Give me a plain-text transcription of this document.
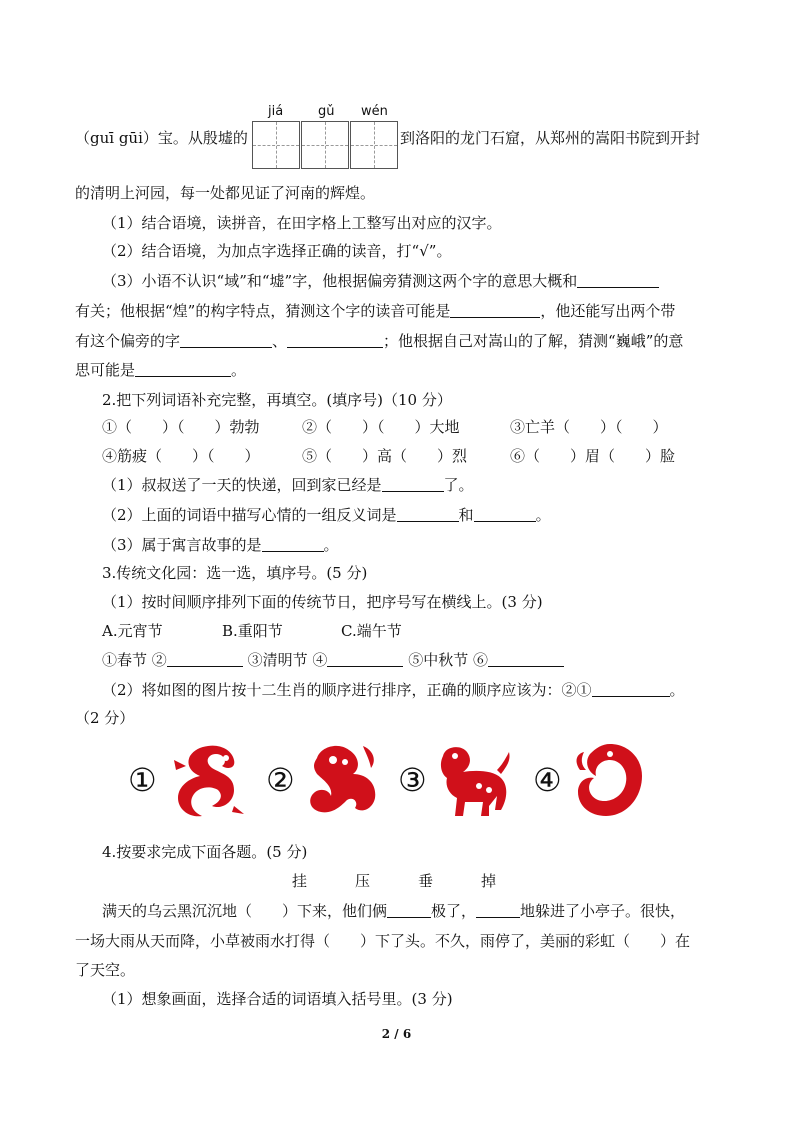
jiá	gǔ wén
（guī gūi）宝。从殷墟的	到洛阳的龙门石窟，从郑州的嵩阳书院到开封
的清明上河园，每一处都见证了河南的辉煌。
（1）结合语境，读拼音，在田字格上工整写出对应的汉字。
（2）结合语境，为加点字选择正确的读音，打“√”。
（3）小语不认识“域”和“墟”字，他根据偏旁猜测这两个字的意思大概和
有关；他根据“煌”的构字特点，猜测这个字的读音可能是	，他还能写出两个带
有这个偏旁的字	、	；他根据自己对嵩山的了解，猜测“巍峨”的意
思可能是	。
2.把下列词语补充完整，再填空。(填序号)（10 分）
①（　　）（　　）勃勃	②（　　）（　　）大地	③亡羊（　　）（　　）
④筋疲（　　）（　　）	⑤（　　）高（　　）烈	⑥（　　）眉（　　）脸
（1）叔叔送了一天的快递，回到家已经是	了。
（2）上面的词语中描写心情的一组反义词是	和	。
（3）属于寓言故事的是	。
3.传统文化园：选一选，填序号。(5 分)
（1）按时间顺序排列下面的传统节日，把序号写在横线上。(3 分)
A.元宵节	B.重阳节	C.端午节
①春节 ②	③清明节 ④	⑤中秋节 ⑥
（2）将如图的图片按十二生肖的顺序进行排序，正确的顺序应该为：②①	。
（2 分）
①	②	③	④
4.按要求完成下面各题。(5 分)
挂	压	垂	掉
满天的乌云黑沉沉地（　　）下来，他们俩	极了，	地躲进了小亭子。很快，
一场大雨从天而降，小草被雨水打得（　　）下了头。不久，雨停了，美丽的彩虹（　　）在
了天空。
（1）想象画面，选择合适的词语填入括号里。(3 分)
2 / 6
